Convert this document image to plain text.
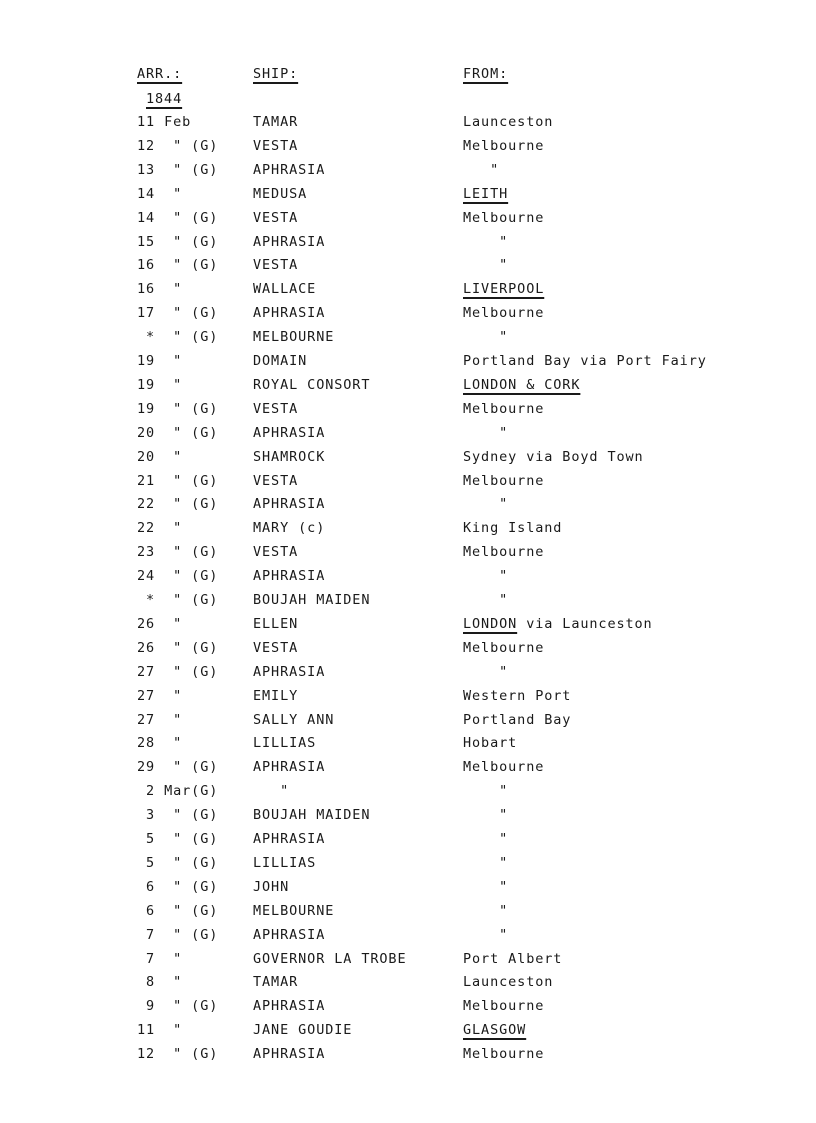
ARR.:	SHIP:	FROM:
1844
11 Feb	TAMAR	Launceston
12  " (G)	VESTA	Melbourne
13  " (G)	APHRASIA	"
14  "	MEDUSA	LEITH
14  " (G)	VESTA	Melbourne
15  " (G)	APHRASIA	"
16  " (G)	VESTA	"
16  "	WALLACE	LIVERPOOL
17  " (G)	APHRASIA	Melbourne
*  " (G)	MELBOURNE	"
19  "	DOMAIN	Portland Bay via Port Fairy
19  "	ROYAL CONSORT	LONDON & CORK
19  " (G)	VESTA	Melbourne
20  " (G)	APHRASIA	"
20  "	SHAMROCK	Sydney via Boyd Town
21  " (G)	VESTA	Melbourne
22  " (G)	APHRASIA	"
22  "	MARY (c)	King Island
23  " (G)	VESTA	Melbourne
24  " (G)	APHRASIA	"
*  " (G)	BOUJAH MAIDEN	"
26  "	ELLEN	LONDON via Launceston
26  " (G)	VESTA	Melbourne
27  " (G)	APHRASIA	"
27  "	EMILY	Western Port
27  "	SALLY ANN	Portland Bay
28  "	LILLIAS	Hobart
29  " (G)	APHRASIA	Melbourne
2 Mar(G)	"	"
3  " (G)	BOUJAH MAIDEN	"
5  " (G)	APHRASIA	"
5  " (G)	LILLIAS	"
6  " (G)	JOHN	"
6  " (G)	MELBOURNE	"
7  " (G)	APHRASIA	"
7  "	GOVERNOR LA TROBE	Port Albert
8  "	TAMAR	Launceston
9  " (G)	APHRASIA	Melbourne
11  "	JANE GOUDIE	GLASGOW
12  " (G)	APHRASIA	Melbourne
